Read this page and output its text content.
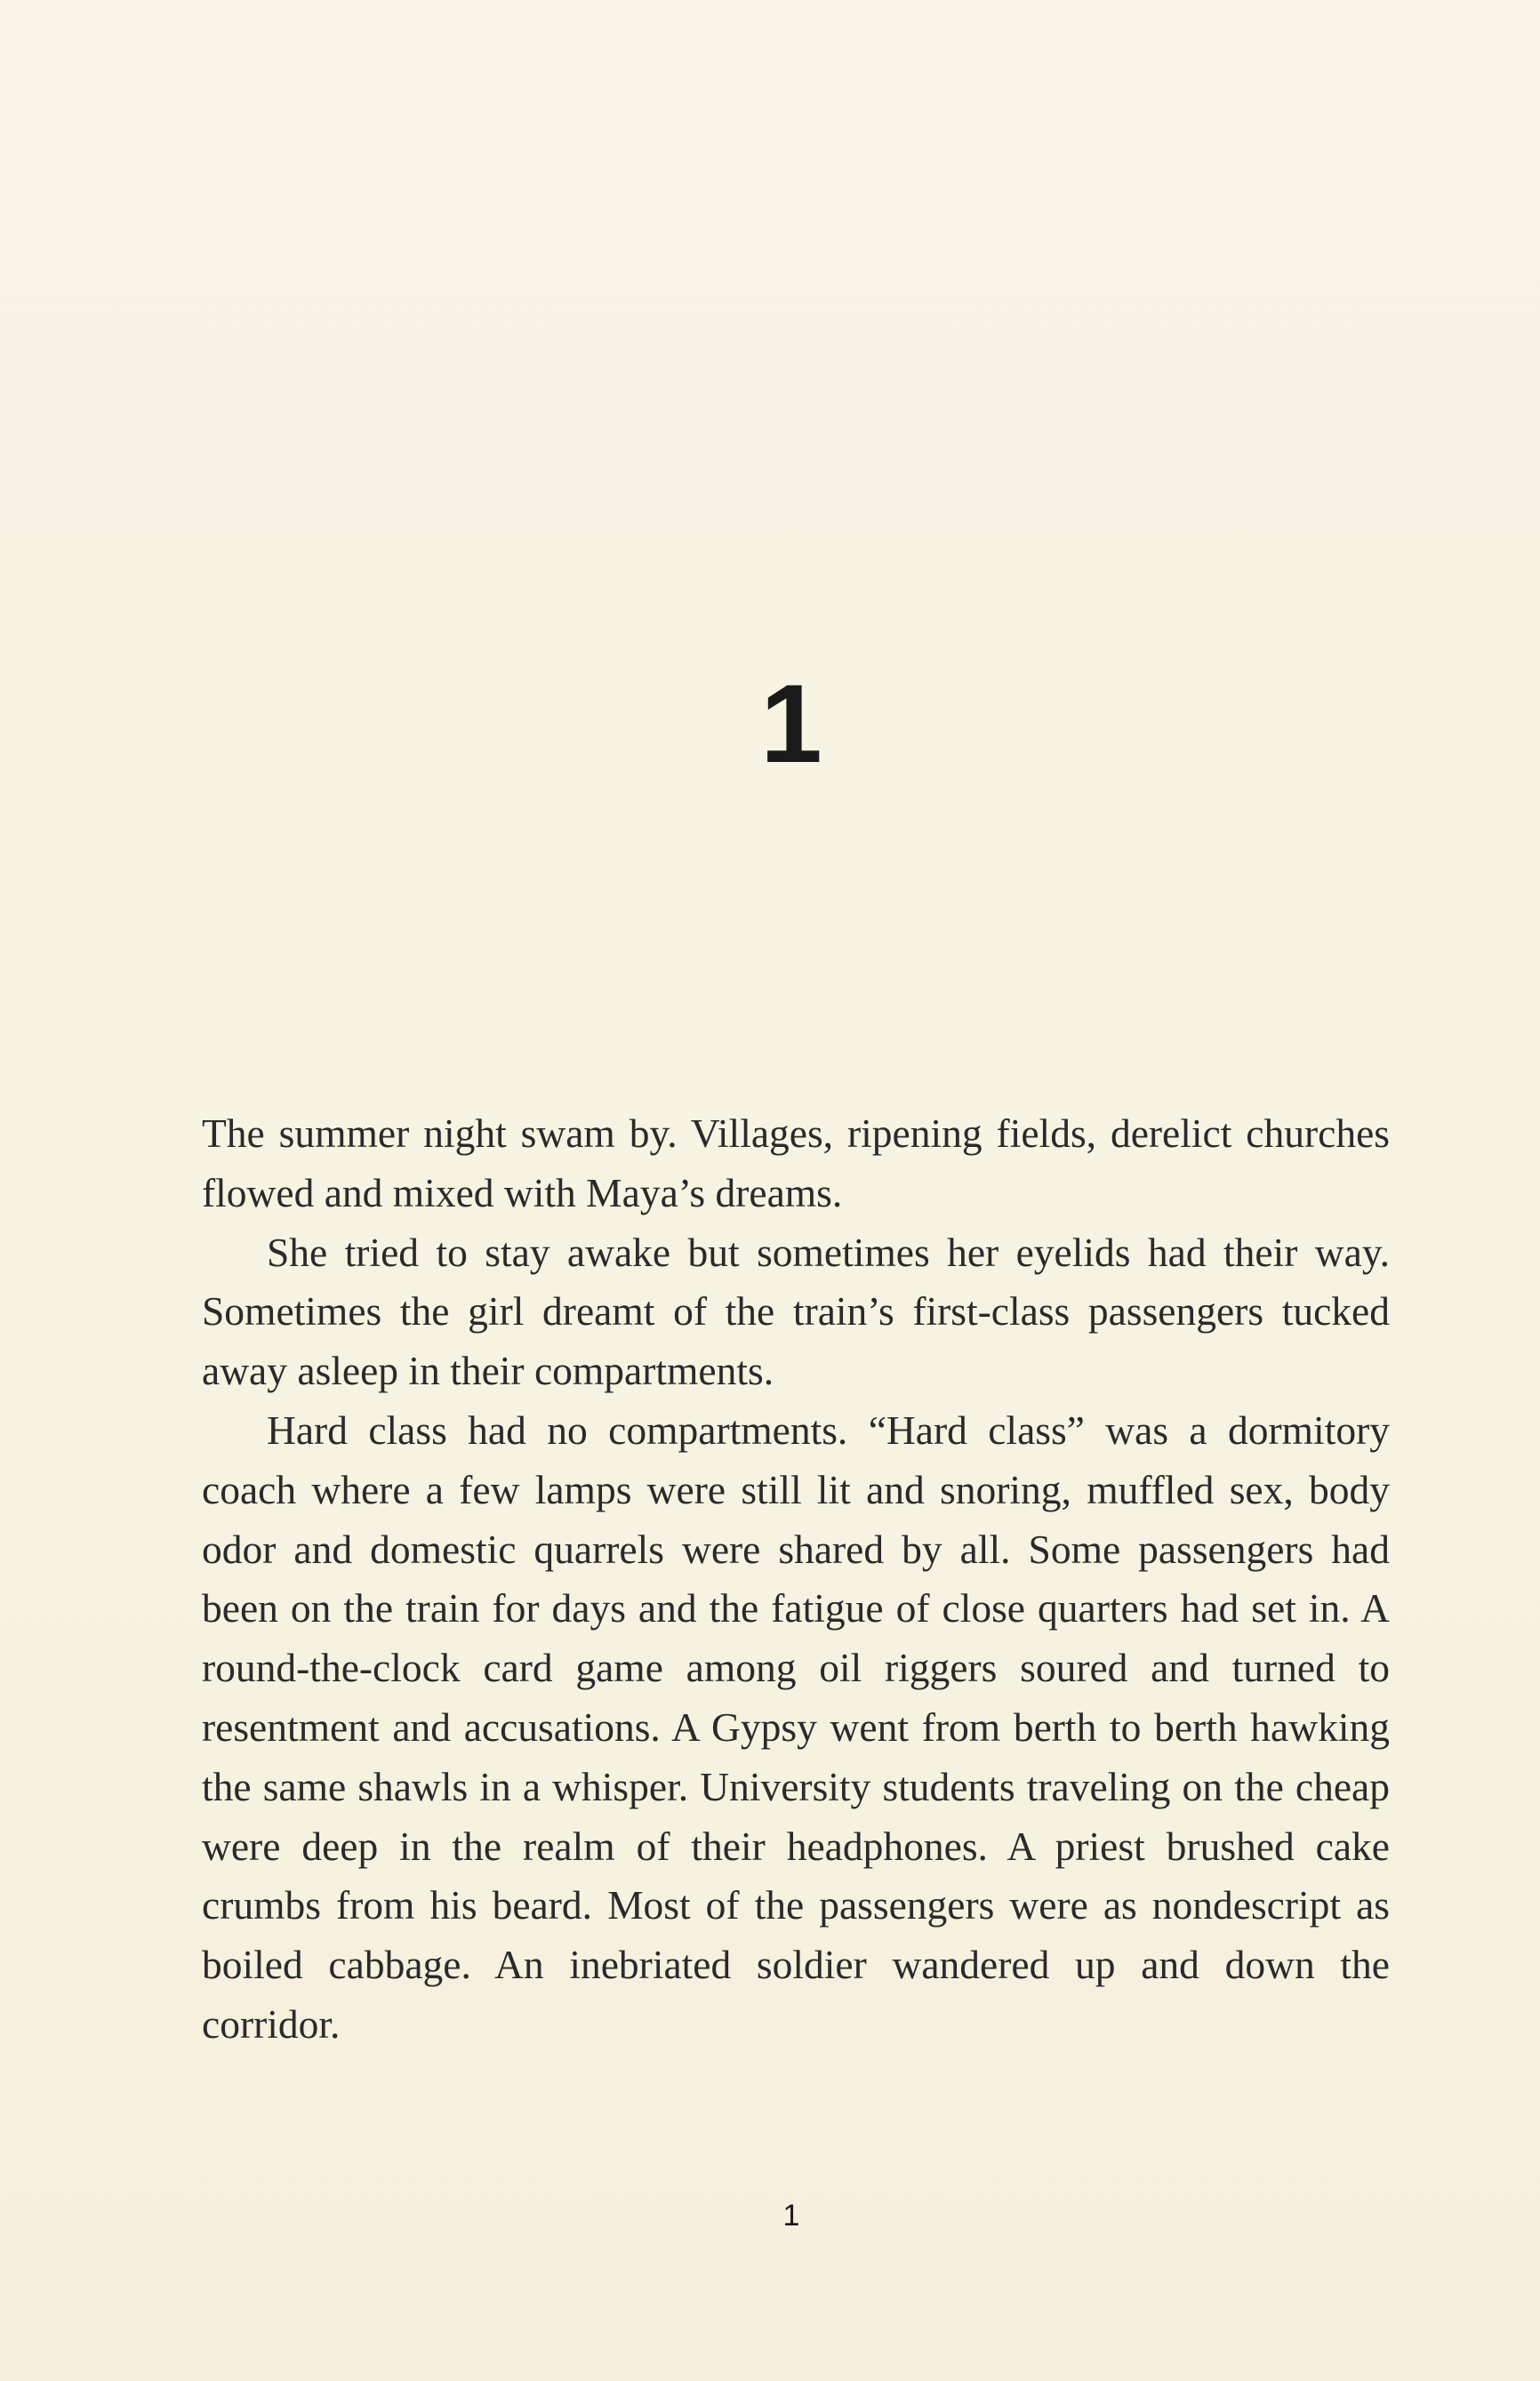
1

The summer night swam by. Villages, ripening fields, derelict churches flowed and mixed with Maya’s dreams.

She tried to stay awake but sometimes her eyelids had their way. Sometimes the girl dreamt of the train’s first-class passengers tucked away asleep in their compartments.

Hard class had no compartments. “Hard class” was a dormitory coach where a few lamps were still lit and snoring, muffled sex, body odor and domestic quarrels were shared by all. Some passengers had been on the train for days and the fatigue of close quarters had set in. A round-the-clock card game among oil riggers soured and turned to resentment and accusations. A Gypsy went from berth to berth hawking the same shawls in a whisper. University students traveling on the cheap were deep in the realm of their headphones. A priest brushed cake crumbs from his beard. Most of the passengers were as nondescript as boiled cabbage. An inebriated soldier wandered up and down the corridor.

1
